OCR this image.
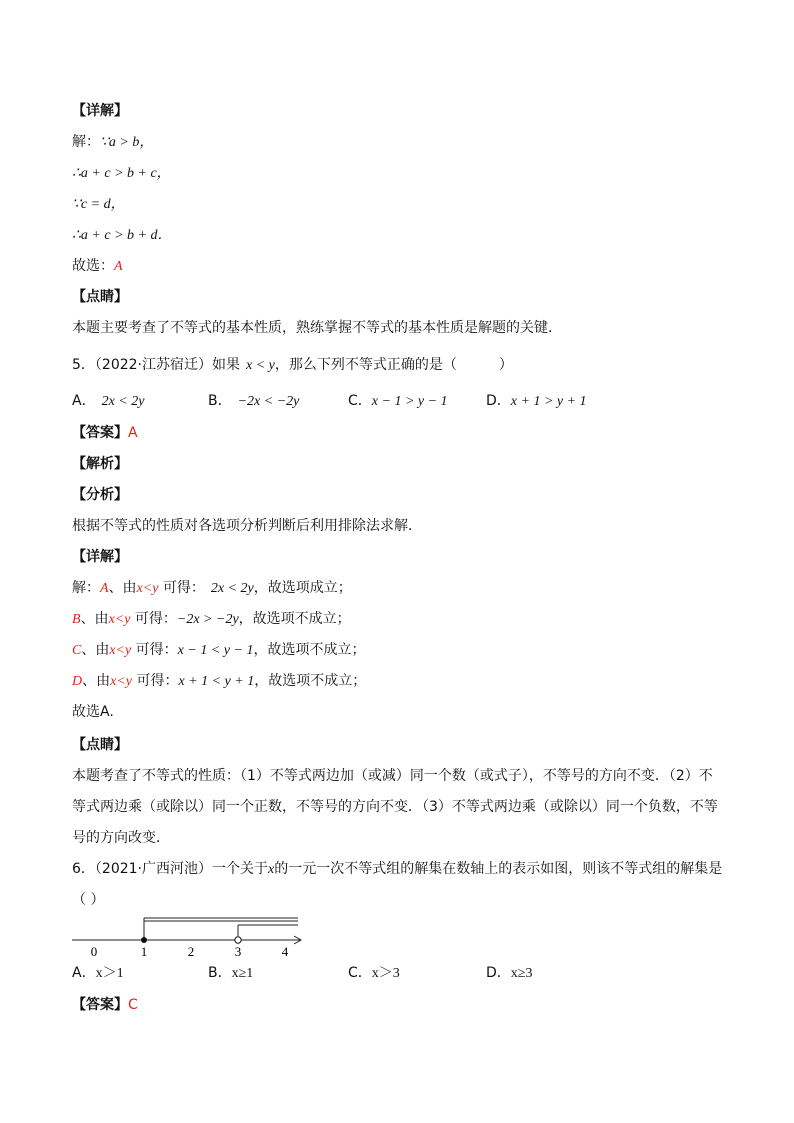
【详解】
解：∵a > b，
∴a + c > b + c，
∵c = d，
∴a + c > b + d．
故选：A
【点睛】
本题主要考查了不等式的基本性质，熟练掌握不等式的基本性质是解题的关键．
5．（2022·江苏宿迁）如果 x < y，那么下列不等式正确的是（　　　）
A． 2x < 2y	B． −2x < −2y	C．x − 1 > y − 1	D．x + 1 > y + 1
【答案】A
【解析】
【分析】
根据不等式的性质对各选项分析判断后利用排除法求解．
【详解】
解：A、由x<y 可得： 2x < 2y，故选项成立；
B、由x<y 可得：−2x > −2y，故选项不成立；
C、由x<y 可得：x − 1 < y − 1，故选项不成立；
D、由x<y 可得：x + 1 < y + 1，故选项不成立；
故选A.
【点睛】
本题考查了不等式的性质：（1）不等式两边加（或减）同一个数（或式子），不等号的方向不变．（2）不
等式两边乘（或除以）同一个正数，不等号的方向不变．（3）不等式两边乘（或除以）同一个负数，不等
号的方向改变．
6．（2021·广西河池）一个关于x的一元一次不等式组的解集在数轴上的表示如图，则该不等式组的解集是
（ ）
0	1	2	3	4
A．x＞1	B．x≥1	C．x＞3	D．x≥3
【答案】C
